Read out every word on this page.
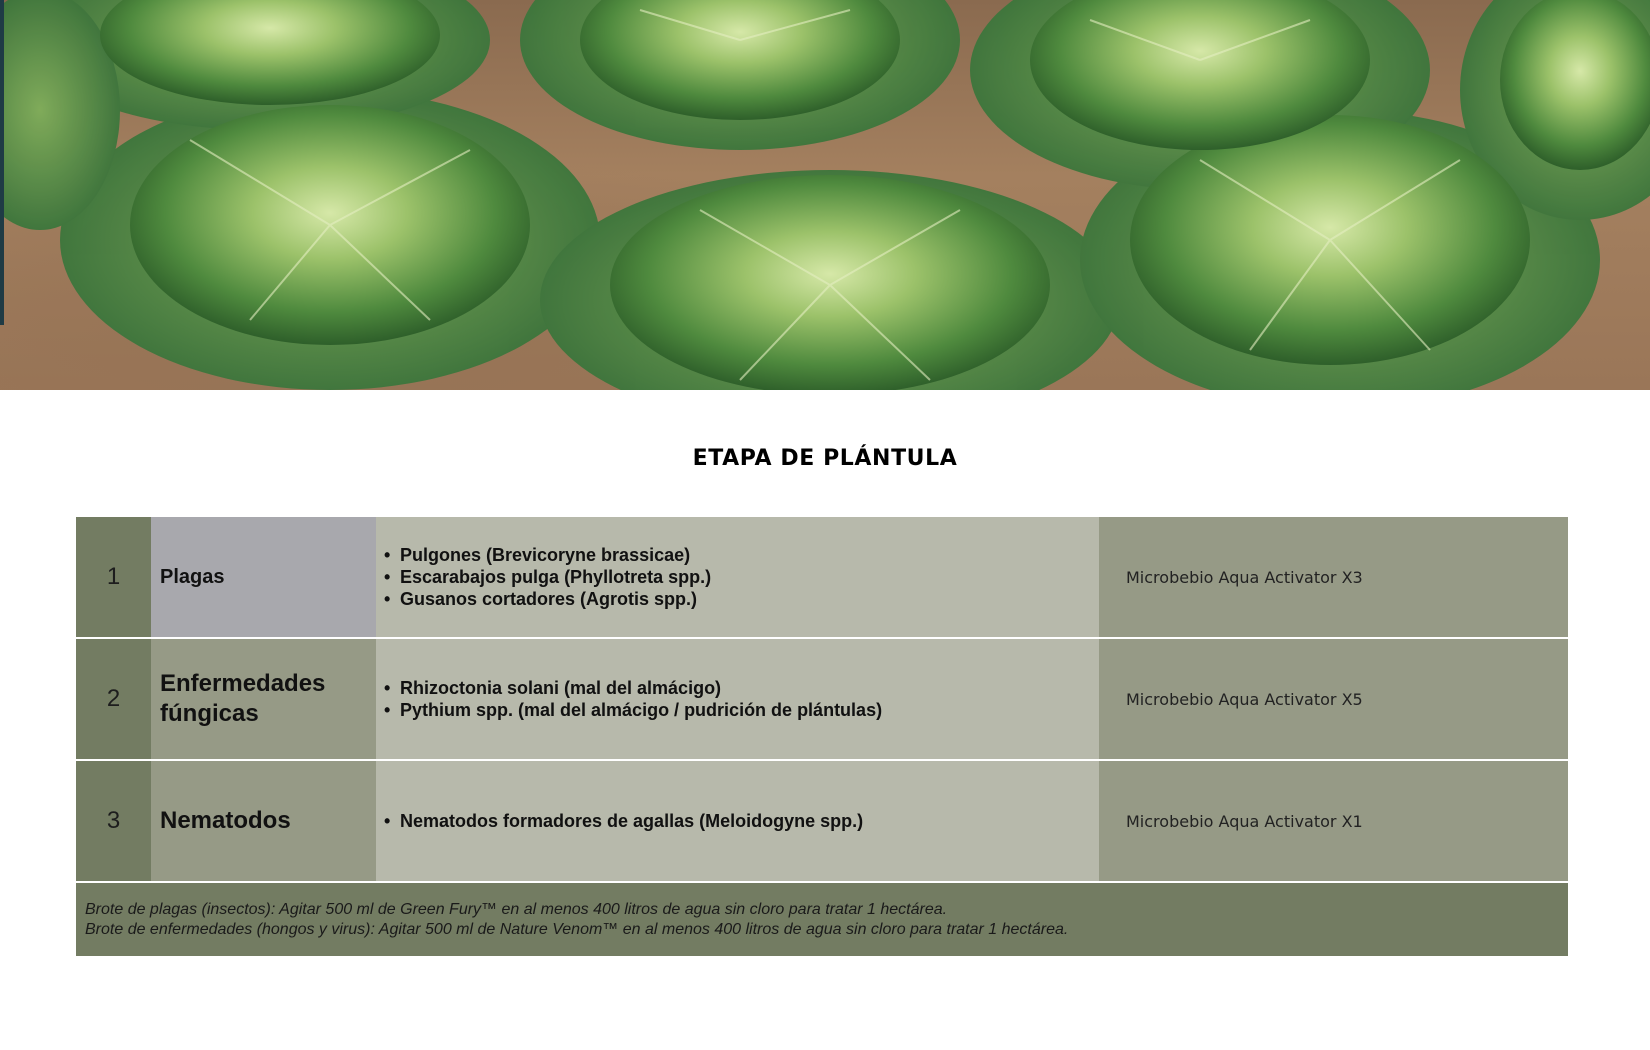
ETAPA DE PLÁNTULA
1	Plagas
• Pulgones (Brevicoryne brassicae)
• Escarabajos pulga (Phyllotreta spp.)
• Gusanos cortadores (Agrotis spp.)
Microbebio Aqua Activator X3
2
Enfermedades fúngicas
• Rhizoctonia solani (mal del almácigo)
• Pythium spp. (mal del almácigo / pudrición de plántulas)
Microbebio Aqua Activator X5
3	Nematodos
•	Nematodos formadores de agallas (Meloidogyne spp.)	Microbebio Aqua Activator X1
Brote de plagas (insectos): Agitar 500 ml de Green Fury™ en al menos 400 litros de agua sin cloro para tratar 1 hectárea.
Brote de enfermedades (hongos y virus): Agitar 500 ml de Nature Venom™ en al menos 400 litros de agua sin cloro para tratar 1 hectárea.
